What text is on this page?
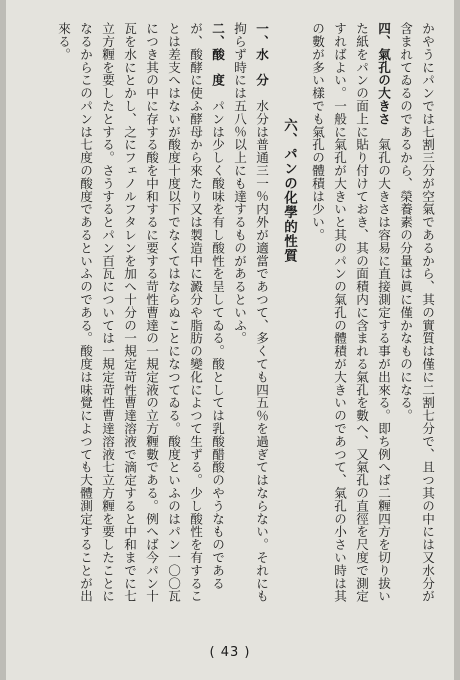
かやうにパンでは七割三分が空氣であるから、其の實質は僅に二割七分で、且つ其の中には又水分が含まれてゐるのであるから、榮養素の分量は眞に僅かなものになる。

四、氣孔の大きさ　氣孔の大きさは容易に直接測定する事が出來る。即ち例へば二糎四方を切り拔いた紙をパンの面上に貼り付けておき、其の面積内に含まれる氣孔を數へ、又氣孔の直徑を尺度で測定すればよい。一般に氣孔が大きいと其のパンの氣孔の體積が大きいのであつて、氣孔の小さい時は其の數が多い樣でも氣孔の體積は少い。

六、パンの化學的性質

一、水　分　水分は普通三一％内外が適當であつて、多くても四五％を過ぎてはならない。それにも拘らず時には五八％以上にも達するものがあるといふ。

二、酸　度　パンは少しく酸味を有し酸性を呈してゐる。酸としては乳酸醋酸のやうなものであるが、酸酵に使ふ酵母から來たり又は製造中に澱分や脂肪の變化によつて生ずる。少し酸性を有することは差支へはないが酸度十度以下でなくてはならぬことになつてゐる。酸度といふのはパン一〇〇瓦につき其の中に存する酸を中和するに要する苛性曹達の一規定液の立方糎數である。例へば今パン十瓦を水にとかし、之にフェノルフタレンを加へ十分の一規定苛性曹達溶液で滴定すると中和までに七立方糎を要したとする。さうするとパン百瓦については一規定苛性曹達溶液七立方糎を要したことになるからこのパンは七度の酸度であるといふのである。酸度は味覺によつても大體測定することが出來る。

( 43 )
